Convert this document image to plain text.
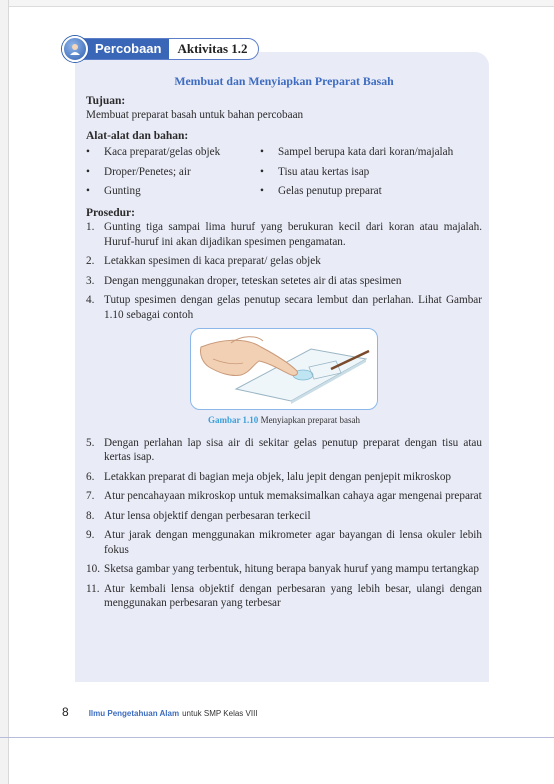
Percobaan	Aktivitas 1.2
Membuat dan Menyiapkan Preparat Basah
Tujuan:
Membuat preparat basah untuk bahan percobaan
Alat-alat dan bahan:
•	Kaca preparat/gelas objek	•	Sampel berupa kata dari koran/majalah
•	Droper/Penetes; air	•	Tisu atau kertas isap
•	Gunting	•	Gelas penutup preparat
Prosedur:
1. Gunting tiga sampai lima huruf yang berukuran kecil dari koran atau majalah. Huruf-huruf ini akan dijadikan spesimen pengamatan.
2. Letakkan spesimen di kaca preparat/ gelas objek
3. Dengan menggunakan droper, teteskan setetes air di atas spesimen
4. Tutup spesimen dengan gelas penutup secara lembut dan perlahan. Lihat Gambar 1.10 sebagai contoh
Gambar 1.10 Menyiapkan preparat basah
5. Dengan perlahan lap sisa air di sekitar gelas penutup preparat dengan tisu atau kertas isap.
6. Letakkan preparat di bagian meja objek, lalu jepit dengan penjepit mikroskop
7. Atur pencahayaan mikroskop untuk memaksimalkan cahaya agar mengenai preparat
8. Atur lensa objektif dengan perbesaran terkecil
9. Atur jarak dengan menggunakan mikrometer agar bayangan di lensa okuler lebih fokus
10. Sketsa gambar yang terbentuk, hitung berapa banyak huruf yang mampu tertangkap
11. Atur kembali lensa objektif dengan perbesaran yang lebih besar, ulangi dengan menggunakan perbesaran yang terbesar
8	Ilmu Pengetahuan Alam untuk SMP Kelas VIII
